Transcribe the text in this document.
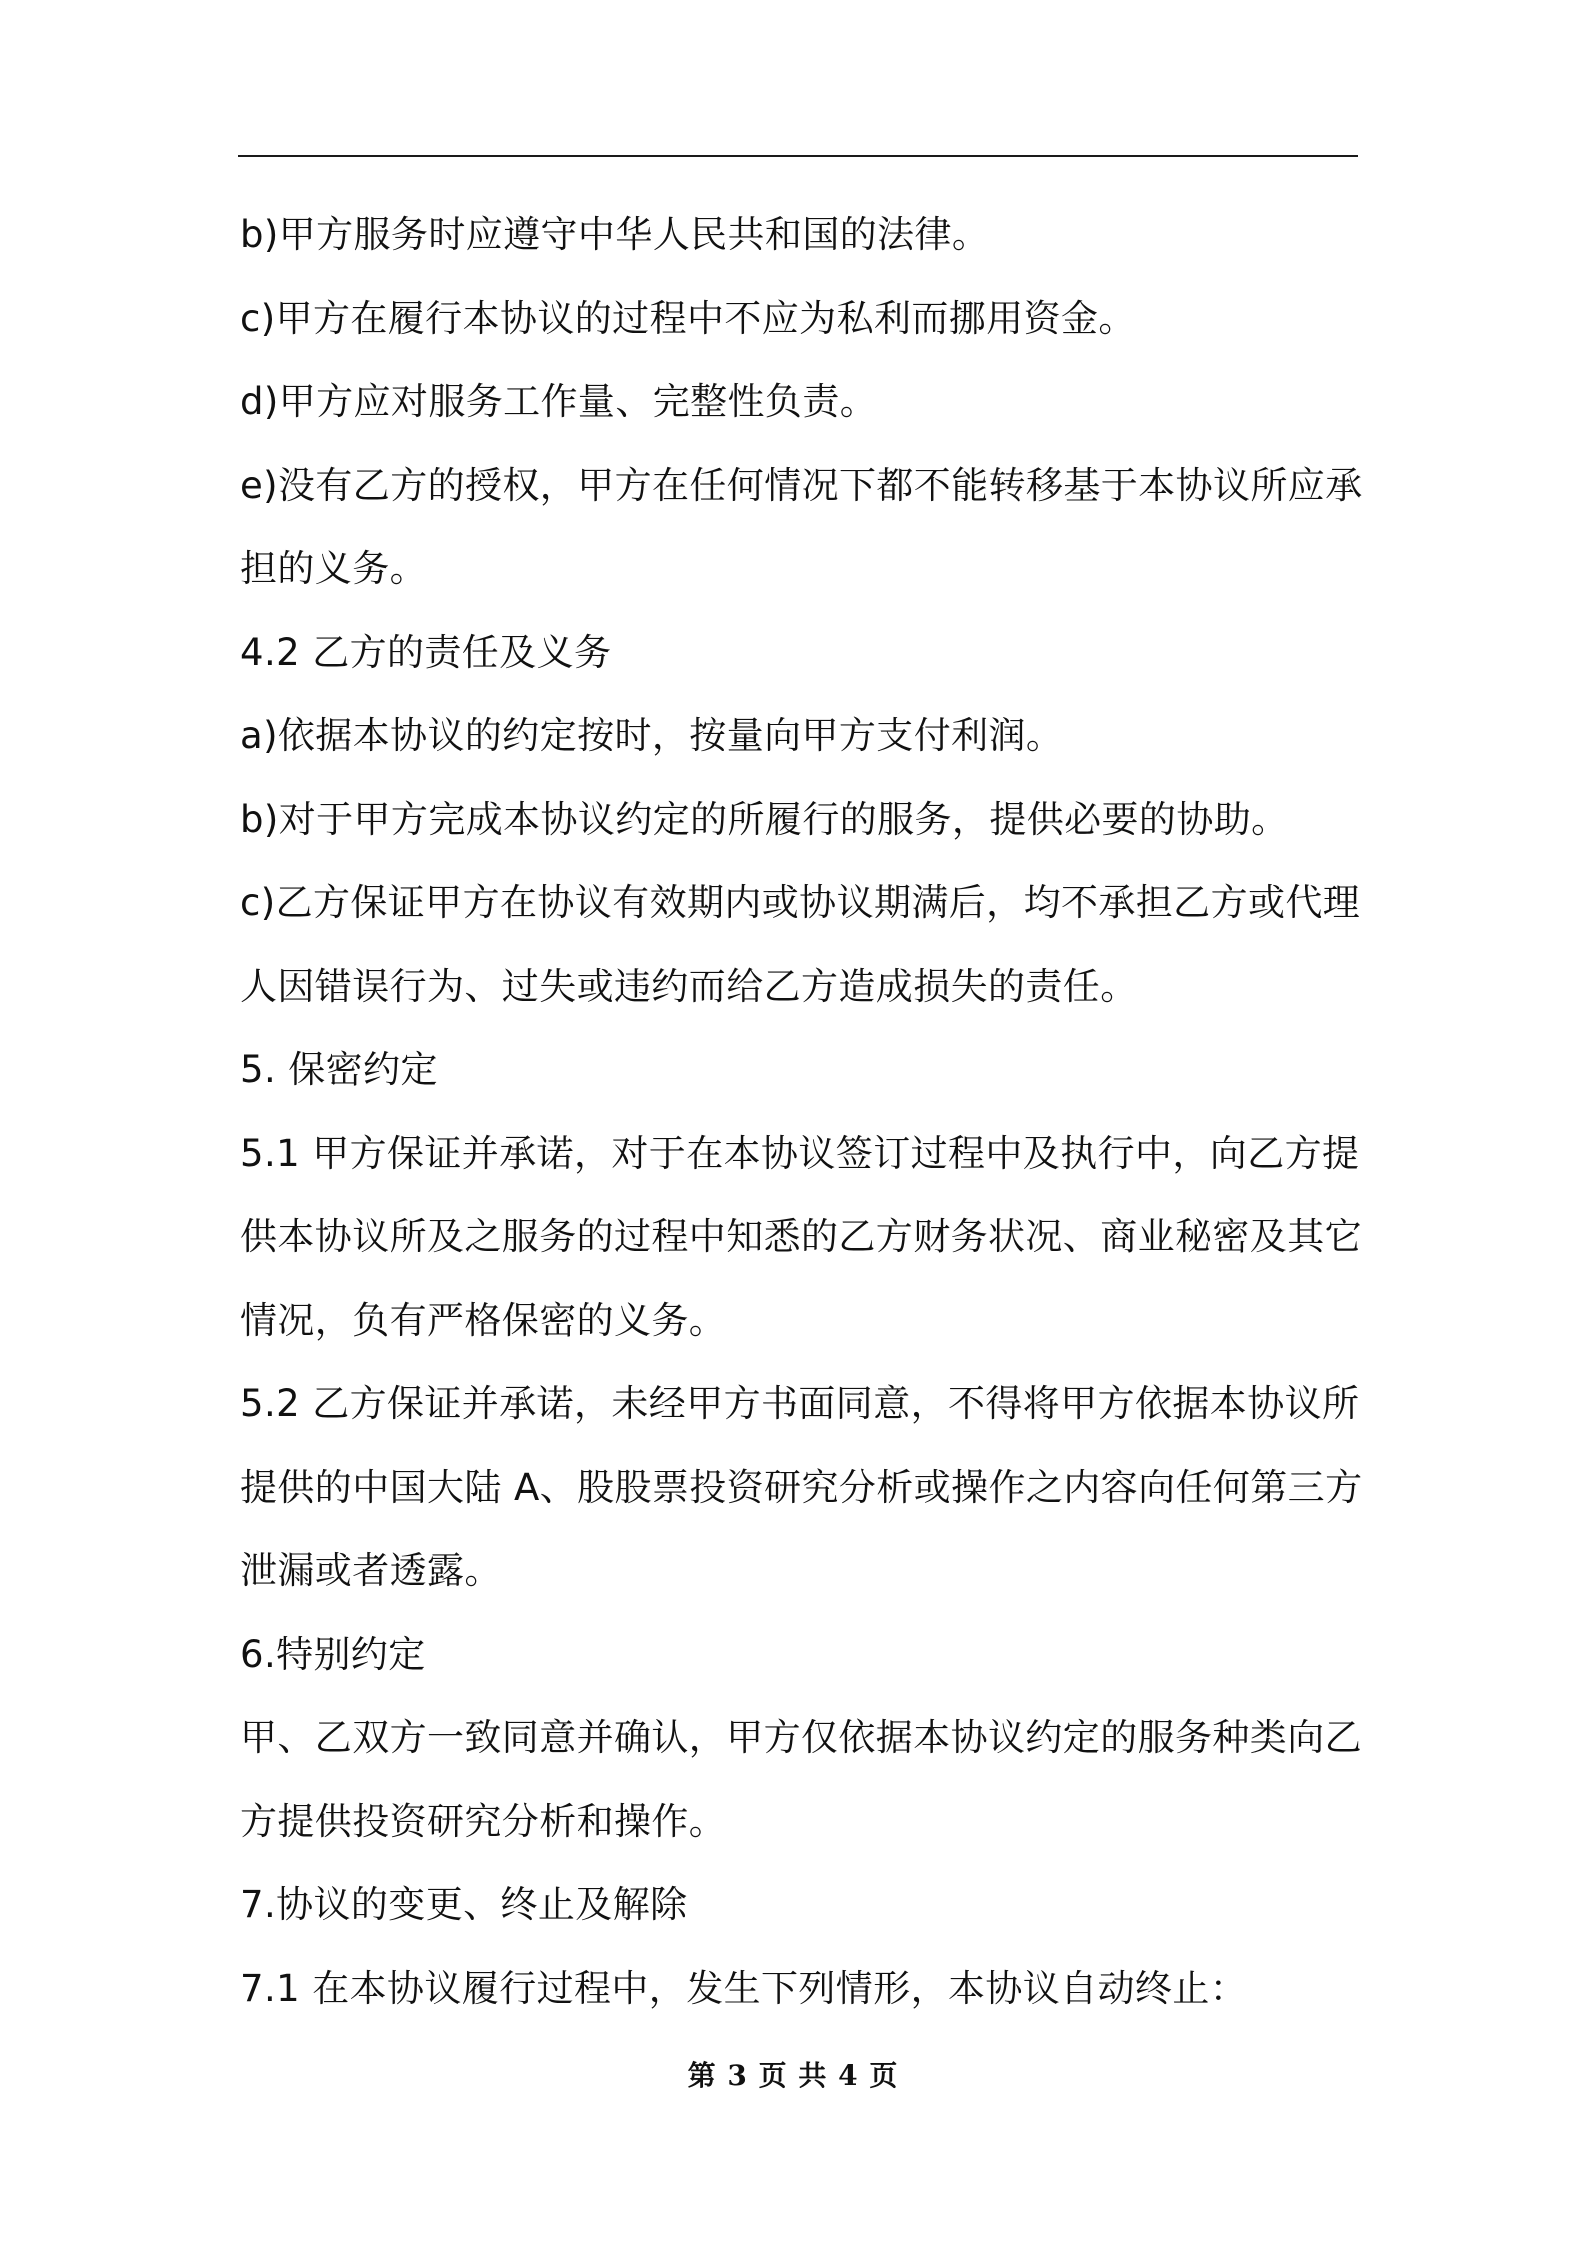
b)甲方服务时应遵守中华人民共和国的法律。
c)甲方在履行本协议的过程中不应为私利而挪用资金。
d)甲方应对服务工作量、完整性负责。
e)没有乙方的授权，甲方在任何情况下都不能转移基于本协议所应承
担的义务。
4.2 乙方的责任及义务
a)依据本协议的约定按时，按量向甲方支付利润。
b)对于甲方完成本协议约定的所履行的服务，提供必要的协助。
c)乙方保证甲方在协议有效期内或协议期满后，均不承担乙方或代理
人因错误行为、过失或违约而给乙方造成损失的责任。
5. 保密约定
5.1 甲方保证并承诺，对于在本协议签订过程中及执行中，向乙方提
供本协议所及之服务的过程中知悉的乙方财务状况、商业秘密及其它
情况，负有严格保密的义务。
5.2 乙方保证并承诺，未经甲方书面同意，不得将甲方依据本协议所
提供的中国大陆 A、股股票投资研究分析或操作之内容向任何第三方
泄漏或者透露。
6.特别约定
甲、乙双方一致同意并确认，甲方仅依据本协议约定的服务种类向乙
方提供投资研究分析和操作。
7.协议的变更、终止及解除
7.1 在本协议履行过程中，发生下列情形，本协议自动终止：
第 3 页 共 4 页
